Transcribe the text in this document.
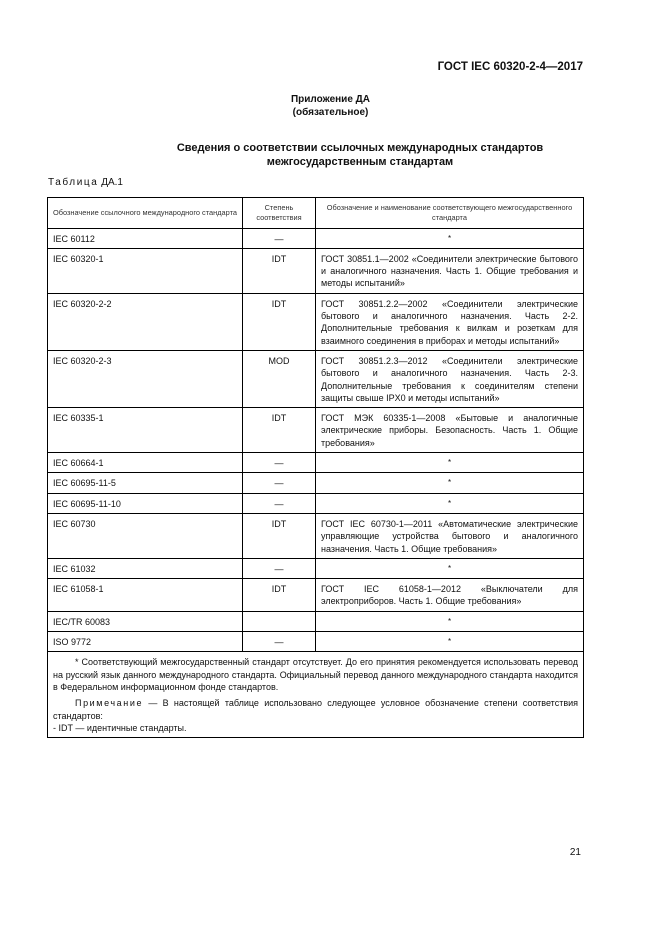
ГОСТ IEC 60320-2-4—2017
Приложение ДА
(обязательное)
Сведения о соответствии ссылочных международных стандартов
межгосударственным стандартам
Таблица ДА.1
Обозначение ссылочного международного стандарта	Степень соответствия	Обозначение и наименование соответствующего межгосударственного стандарта
IEC 60112	—	*
IEC 60320-1	IDT	ГОСТ 30851.1—2002 «Соединители электрические бытового и аналогичного назначения. Часть 1. Общие требования и методы испытаний»
IEC 60320-2-2	IDT	ГОСТ 30851.2.2—2002 «Соединители электрические бытового и аналогичного назначения. Часть 2-2. Дополнительные требования к вилкам и розеткам для взаимного соединения в приборах и методы испытаний»
IEC 60320-2-3	MOD	ГОСТ 30851.2.3—2012 «Соединители электрические бытового и аналогичного назначения. Часть 2-3. Дополнительные требования к соединителям степени защиты свыше IPX0 и методы испытаний»
IEC 60335-1	IDT	ГОСТ МЭК 60335-1—2008 «Бытовые и аналогичные электрические приборы. Безопасность. Часть 1. Общие требования»
IEC 60664-1	—	*
IEC 60695-11-5	—	*
IEC 60695-11-10	—	*
IEC 60730	IDT	ГОСТ IEC 60730-1—2011 «Автоматические электрические управляющие устройства бытового и аналогичного назначения. Часть 1. Общие требования»
IEC 61032	—	*
IEC 61058-1	IDT	ГОСТ IEC 61058-1—2012 «Выключатели для электроприборов. Часть 1. Общие требования»
IEC/TR 60083		*
ISO 9772	—	*

* Соответствующий межгосударственный стандарт отсутствует. До его принятия рекомендуется использовать перевод на русский язык данного международного стандарта. Официальный перевод данного международного стандарта находится в Федеральном информационном фонде стандартов.
Примечание — В настоящей таблице использовано следующее условное обозначение степени соответствия стандартов:
- IDT — идентичные стандарты.		
21
